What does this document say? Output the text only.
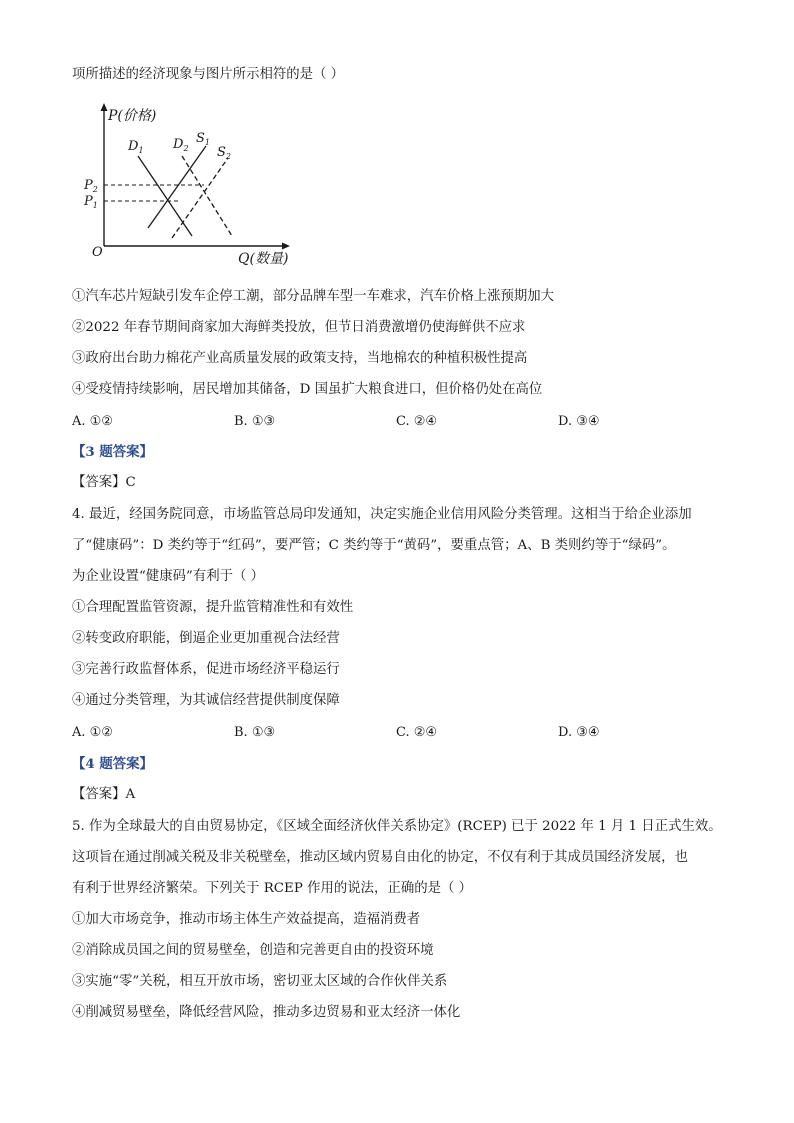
项所描述的经济现象与图片所示相符的是（ ）
P(价格)
Q(数量)
O
$P_2$
$P_1$
$D_1$ $D_2$
$S_1$
$S_2$
①汽车芯片短缺引发车企停工潮，部分品牌车型一车难求，汽车价格上涨预期加大
②2022 年春节期间商家加大海鲜类投放，但节日消费激增仍使海鲜供不应求
③政府出台助力棉花产业高质量发展的政策支持，当地棉农的种植积极性提高
④受疫情持续影响，居民增加其储备，D 国虽扩大粮食进口，但价格仍处在高位
A. ①②	B. ①③	C. ②④	D. ③④
【3 题答案】
【答案】C
4. 最近，经国务院同意，市场监管总局印发通知，决定实施企业信用风险分类管理。这相当于给企业添加
了“健康码”：D 类约等于“红码”，要严管；C 类约等于“黄码”，要重点管；A、B 类则约等于“绿码”。
为企业设置“健康码”有利于（ ）
①合理配置监管资源，提升监管精准性和有效性
②转变政府职能，倒逼企业更加重视合法经营
③完善行政监督体系，促进市场经济平稳运行
④通过分类管理，为其诚信经营提供制度保障
A. ①②	B. ①③	C. ②④	D. ③④
【4 题答案】
【答案】A
5. 作为全球最大的自由贸易协定，《区域全面经济伙伴关系协定》(RCEP) 已于 2022 年 1 月 1 日正式生效。
这项旨在通过削减关税及非关税壁垒，推动区域内贸易自由化的协定，不仅有利于其成员国经济发展，也
有利于世界经济繁荣。下列关于 RCEP 作用的说法，正确的是（ ）
①加大市场竞争，推动市场主体生产效益提高，造福消费者
②消除成员国之间的贸易壁垒，创造和完善更自由的投资环境
③实施“零”关税，相互开放市场，密切亚太区域的合作伙伴关系
④削减贸易壁垒，降低经营风险，推动多边贸易和亚太经济一体化
